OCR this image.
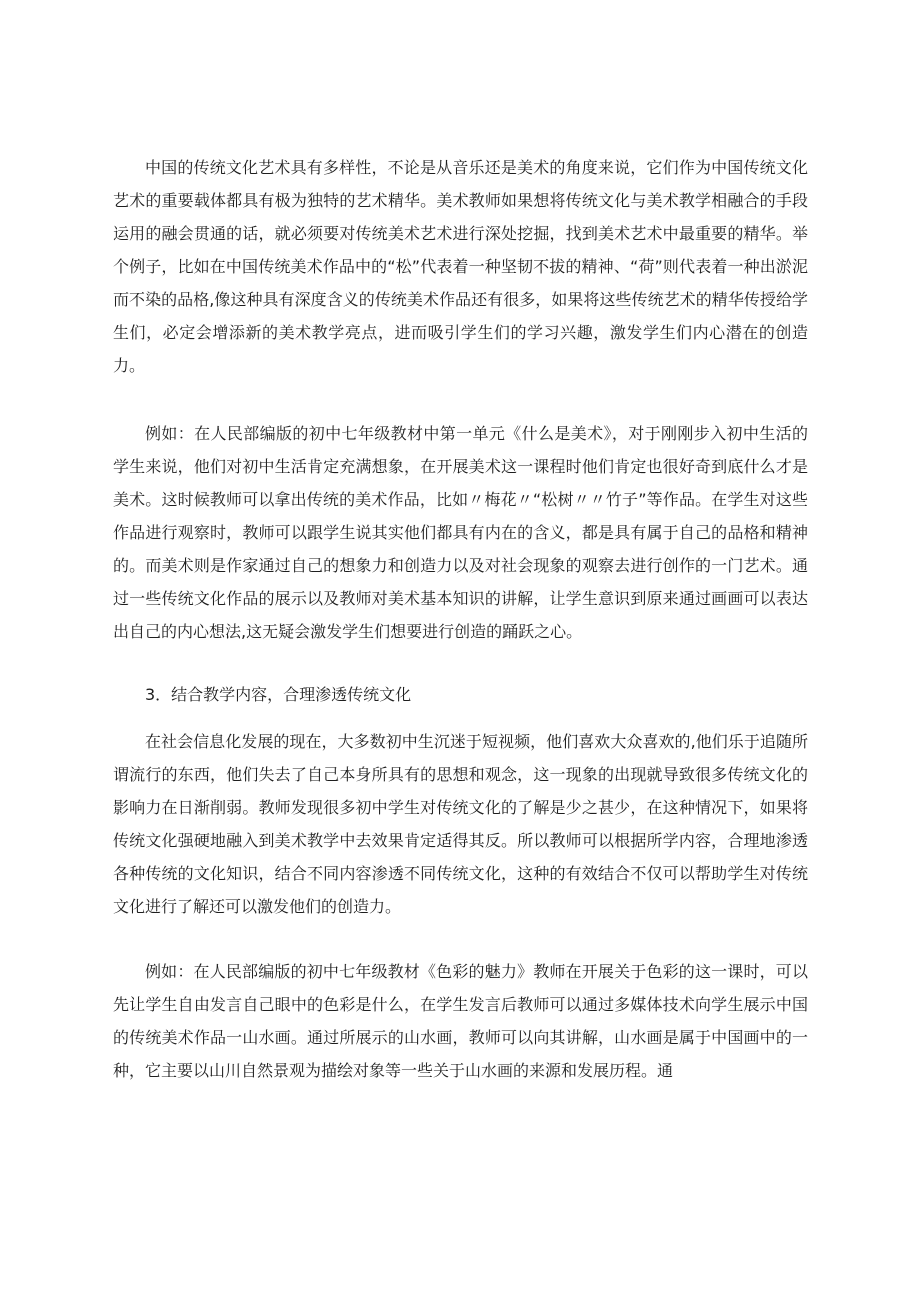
中国的传统文化艺术具有多样性，不论是从音乐还是美术的角度来说，它们作为中国传统文化艺术的重要载体都具有极为独特的艺术精华。美术教师如果想将传统文化与美术教学相融合的手段运用的融会贯通的话，就必须要对传统美术艺术进行深处挖掘，找到美术艺术中最重要的精华。举个例子，比如在中国传统美术作品中的“松”代表着一种坚韧不拔的精神、“荷”则代表着一种出淤泥而不染的品格,像这种具有深度含义的传统美术作品还有很多，如果将这些传统艺术的精华传授给学生们，必定会增添新的美术教学亮点，进而吸引学生们的学习兴趣，激发学生们内心潜在的创造力。

例如：在人民部编版的初中七年级教材中第一单元《什么是美术》，对于刚刚步入初中生活的学生来说，他们对初中生活肯定充满想象，在开展美术这一课程时他们肯定也很好奇到底什么才是美术。这时候教师可以拿出传统的美术作品，比如〃梅花〃“松树〃〃竹子”等作品。在学生对这些作品进行观察时，教师可以跟学生说其实他们都具有内在的含义，都是具有属于自己的品格和精神的。而美术则是作家通过自己的想象力和创造力以及对社会现象的观察去进行创作的一门艺术。通过一些传统文化作品的展示以及教师对美术基本知识的讲解，让学生意识到原来通过画画可以表达出自己的内心想法,这无疑会激发学生们想要进行创造的踊跃之心。

3．结合教学内容，合理渗透传统文化

在社会信息化发展的现在，大多数初中生沉迷于短视频，他们喜欢大众喜欢的,他们乐于追随所谓流行的东西，他们失去了自己本身所具有的思想和观念，这一现象的出现就导致很多传统文化的影响力在日渐削弱。教师发现很多初中学生对传统文化的了解是少之甚少，在这种情况下，如果将传统文化强硬地融入到美术教学中去效果肯定适得其反。所以教师可以根据所学内容，合理地渗透各种传统的文化知识，结合不同内容渗透不同传统文化，这种的有效结合不仅可以帮助学生对传统文化进行了解还可以激发他们的创造力。

例如：在人民部编版的初中七年级教材《色彩的魅力》教师在开展关于色彩的这一课时，可以先让学生自由发言自己眼中的色彩是什么，在学生发言后教师可以通过多媒体技术向学生展示中国的传统美术作品一山水画。通过所展示的山水画，教师可以向其讲解，山水画是属于中国画中的一种，它主要以山川自然景观为描绘对象等一些关于山水画的来源和发展历程。通
